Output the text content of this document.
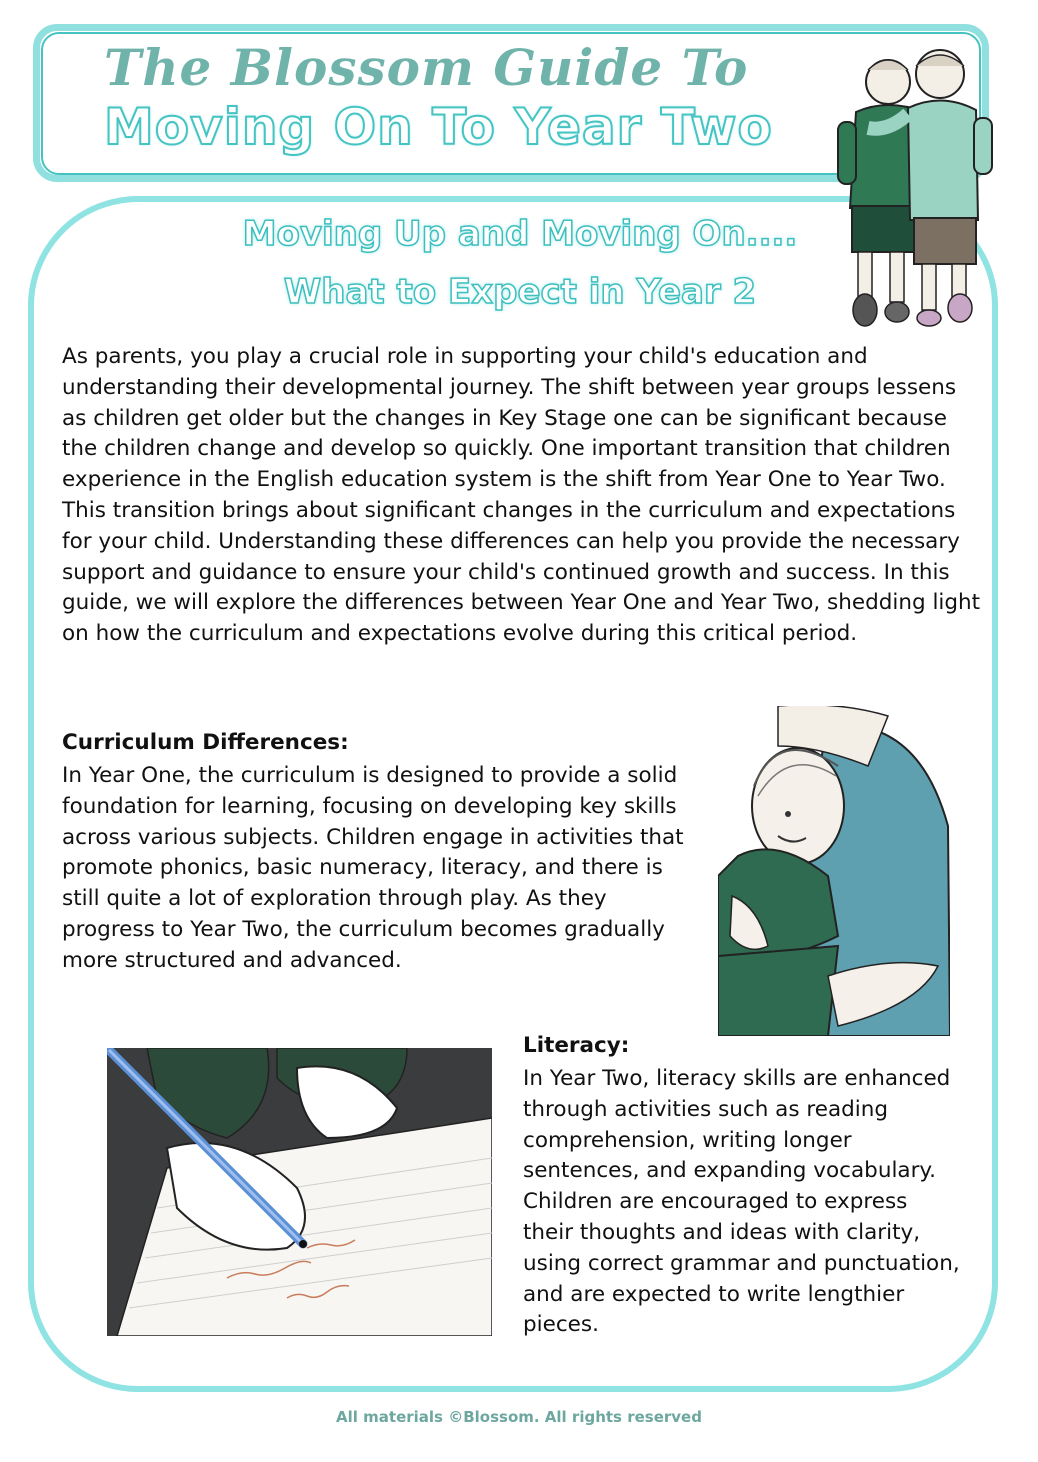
The Blossom Guide To
Moving On To Year Two
Moving Up and Moving On....
What to Expect in Year 2

As parents, you play a crucial role in supporting your child's education and understanding their developmental journey. The shift between year groups lessens as children get older but the changes in Key Stage one can be significant because the children change and develop so quickly. One important transition that children experience in the English education system is the shift from Year One to Year Two. This transition brings about significant changes in the curriculum and expectations for your child. Understanding these differences can help you provide the necessary support and guidance to ensure your child's continued growth and success. In this guide, we will explore the differences between Year One and Year Two, shedding light on how the curriculum and expectations evolve during this critical period.

Curriculum Differences:

In Year One, the curriculum is designed to provide a solid foundation for learning, focusing on developing key skills across various subjects. Children engage in activities that promote phonics, basic numeracy, literacy, and there is still quite a lot of exploration through play. As they progress to Year Two, the curriculum becomes gradually more structured and advanced.

Literacy:

In Year Two, literacy skills are enhanced through activities such as reading comprehension, writing longer sentences, and expanding vocabulary. Children are encouraged to express their thoughts and ideas with clarity, using correct grammar and punctuation, and are expected to write lengthier pieces.

All materials ©Blossom. All rights reserved
